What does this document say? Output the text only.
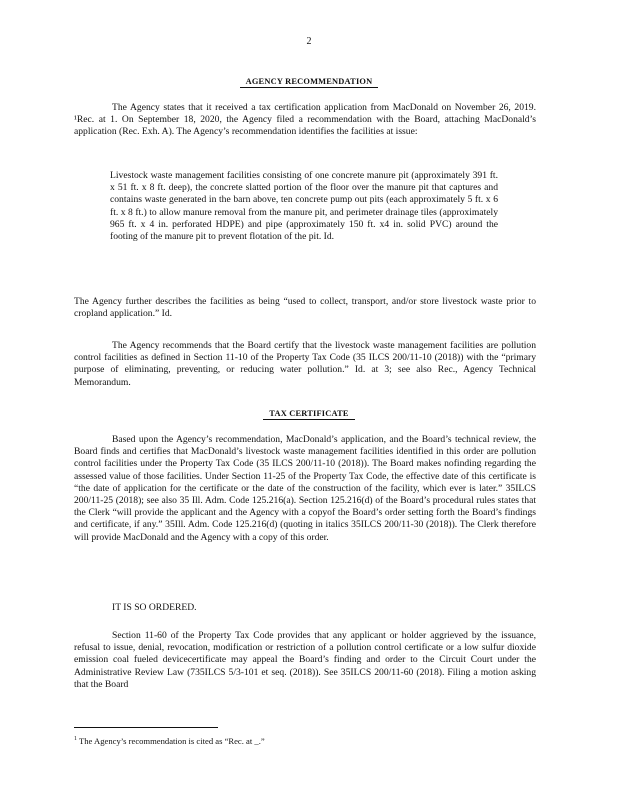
2
AGENCY RECOMMENDATION
The Agency states that it received a tax certification application from MacDonald on November 26, 2019. ¹Rec. at 1. On September 18, 2020, the Agency filed a recommendation with the Board, attaching MacDonald’s application (Rec. Exh. A). The Agency’s recommendation identifies the facilities at issue:
Livestock waste management facilities consisting of one concrete manure pit (approximately 391 ft. x 51 ft. x 8 ft. deep), the concrete slatted portion of the floor over the manure pit that captures and contains waste generated in the barn above, ten concrete pump out pits (each approximately 5 ft. x 6 ft. x 8 ft.) to allow manure removal from the manure pit, and perimeter drainage tiles (approximately 965 ft. x 4 in. perforated HDPE) and pipe (approximately 150 ft. x4 in. solid PVC) around the footing of the manure pit to prevent flotation of the pit. Id.
The Agency further describes the facilities as being “used to collect, transport, and/or store livestock waste prior to cropland application.” Id.
The Agency recommends that the Board certify that the livestock waste management facilities are pollution control facilities as defined in Section 11-10 of the Property Tax Code (35 ILCS 200/11-10 (2018)) with the “primary purpose of eliminating, preventing, or reducing water pollution.” Id. at 3; see also Rec., Agency Technical Memorandum.
TAX CERTIFICATE
Based upon the Agency’s recommendation, MacDonald’s application, and the Board’s technical review, the Board finds and certifies that MacDonald’s livestock waste management facilities identified in this order are pollution control facilities under the Property Tax Code (35 ILCS 200/11-10 (2018)). The Board makes nofinding regarding the assessed value of those facilities. Under Section 11-25 of the Property Tax Code, the effective date of this certificate is “the date of application for the certificate or the date of the construction of the facility, which ever is later.” 35ILCS 200/11-25 (2018); see also 35 Ill. Adm. Code 125.216(a). Section 125.216(d) of the Board’s procedural rules states that the Clerk “will provide the applicant and the Agency with a copyof the Board’s order setting forth the Board’s findings and certificate, if any.” 35Ill. Adm. Code 125.216(d) (quoting in italics 35ILCS 200/11-30 (2018)). The Clerk therefore will provide MacDonald and the Agency with a copy of this order.
IT IS SO ORDERED.
Section 11-60 of the Property Tax Code provides that any applicant or holder aggrieved by the issuance, refusal to issue, denial, revocation, modification or restriction of a pollution control certificate or a low sulfur dioxide emission coal fueled devicecertificate may appeal the Board’s finding and order to the Circuit Court under the Administrative Review Law (735ILCS 5/3-101 et seq. (2018)). See 35ILCS 200/11-60 (2018). Filing a motion asking that the Board
$^1$ The Agency’s recommendation is cited as “Rec. at _.”
